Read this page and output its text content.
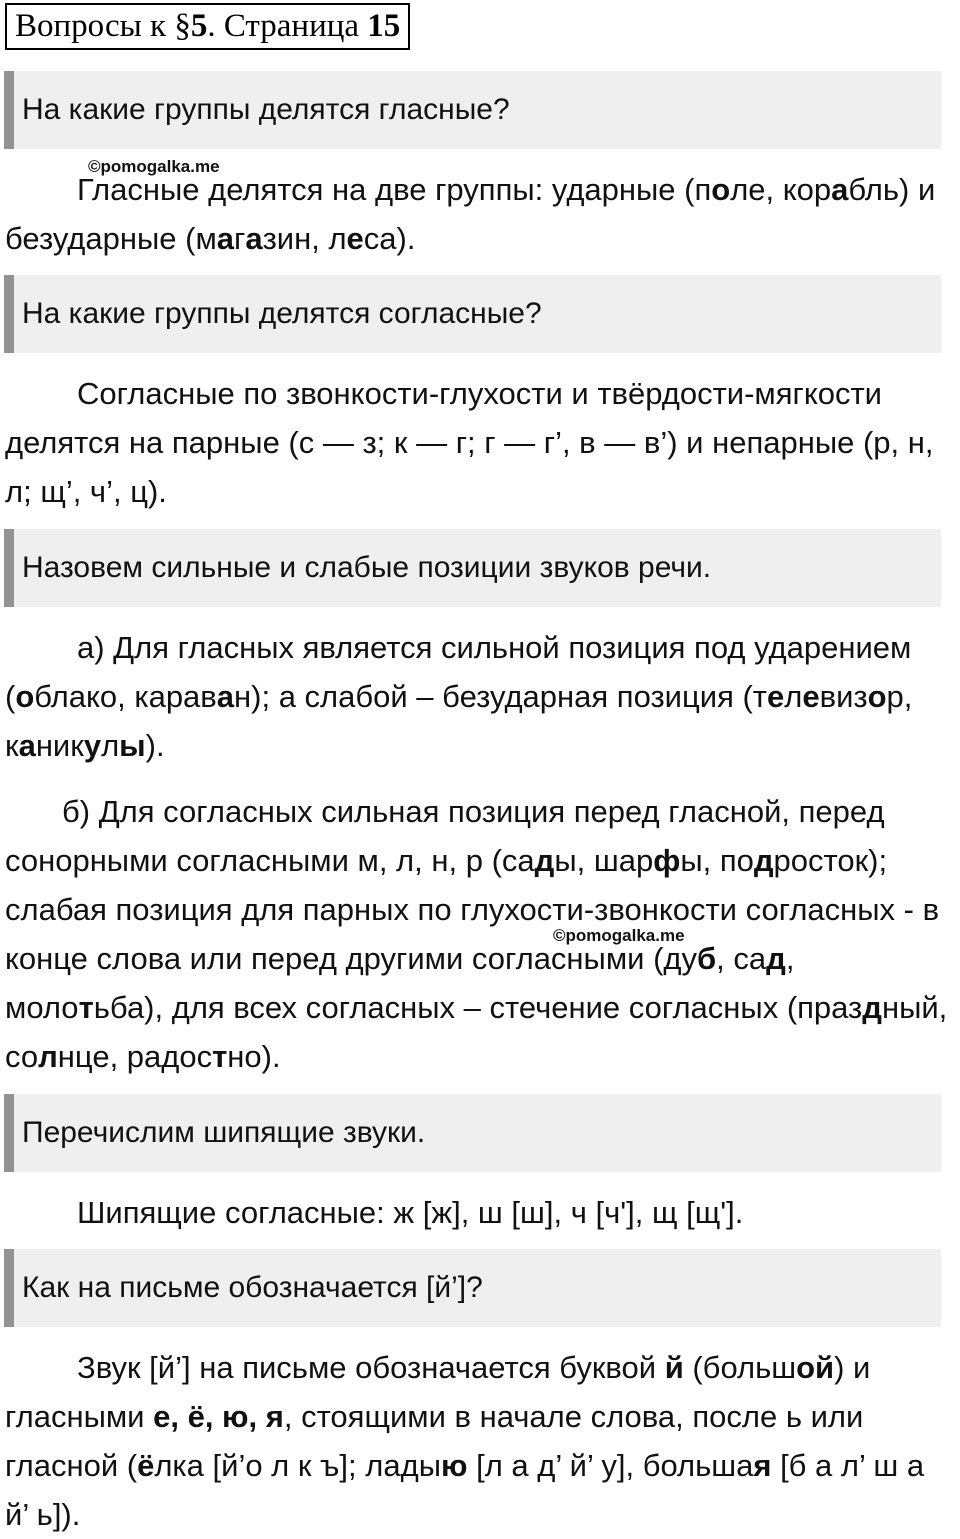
Вопросы к §5. Страница 15
На какие группы делятся гласные?
©pomogalka.me
Гласные делятся на две группы: ударные (поле, корабль) и безударные (магазин, леса).
На какие группы делятся согласные?
Согласные по звонкости-глухости и твёрдости-мягкости делятся на парные (с — з; к — г; г — г’, в — в’) и непарные (р, н, л; щ’, ч’, ц).
Назовем сильные и слабые позиции звуков речи.
а) Для гласных является сильной позиция под ударением (облако, караван); а слабой – безударная позиция (телевизор, каникулы).
б) Для согласных сильная позиция перед гласной, перед сонорными согласными м, л, н, р (сады, шарфы, подросток); слабая позиция для парных по глухости-звонкости согласных - в конце слова или перед другими согласными (дуб, сад, молотьба), для всех согласных – стечение согласных (праздный, солнце, радостно).
©pomogalka.me
Перечислим шипящие звуки.
Шипящие согласные: ж [ж], ш [ш], ч [ч'], щ [щ'].
Как на письме обозначается [й’]?
Звук [й’] на письме обозначается буквой й (большой) и гласными е, ё, ю, я, стоящими в начале слова, после ь или гласной (ёлка [й’о л к ъ]; ладыю [л а д’ й’ у], большая [б а л’ ш а й’ ь]).
